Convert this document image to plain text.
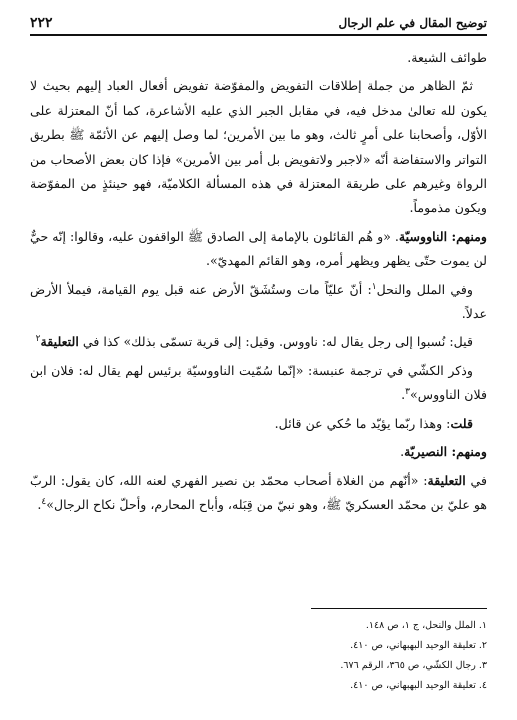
توضيح المقال في علم الرجال
٢٢٢

طوائف الشيعة.

ثمّ الظاهر من جملة إطلاقات التفويض والمفوّضة تفويض أفعال العباد إليهم بحيث لا يكون لله تعالىٰ مدخل فيه، في مقابل الجبر الذي عليه الأشاعرة، كما أنّ المعتزلة على الأوّل، وأصحابنا على أمرٍ ثالث، وهو ما بين الأمرين؛ لما وصل إليهم عن الأئمّة ﷺ بطريق التواتر والاستفاضة أنّه «لاجبر ولاتفويض بل أمر بين الأمرين» فإذا كان بعض الأصحاب من الرواة وغيرهم على طريقة المعتزلة في هذه المسألة الكلاميّة، فهو حينئذٍ من المفوّضة ويكون مذموماً.

ومنهم: الناووسيّة. «و هُم القائلون بالإمامة إلى الصادق ﷺ الواقفون عليه، وقالوا: إنّه حيٌّ لن يموت حتّى يظهر ويظهر أمره، وهو القائم المهديّ».

وفي الملل والنحل$^١$: أنّ عليّاً مات وستُشَقّ الأرض عنه قبل يوم القيامة، فيملأ الأرض عدلاً.

قيل: نُسبوا إلى رجل يقال له: ناووس. وقيل: إلى قرية تسمّى بذلك» كذا في التعليقة$^٢$

وذكر الكشّي في ترجمة عنبسة: «إنّما سُمّيت الناووسيّة برئيس لهم يقال له: فلان ابن فلان الناووس»$^٣$.

قلت: وهذا ربّما يؤيّد ما حُكي عن قائل.

ومنهم: النصيريّة.

في التعليقة: «أنّهم من الغلاة أصحاب محمّد بن نصير الفهري لعنه الله، كان يقول: الربّ هو عليّ بن محمّد العسكريّ ﷺ، وهو نبيّ من قِبَله، وأباح المحارم، وأحلّ نكاح الرجال»$^٤$.

١. الملل والنحل، ج ١، ص ١٤٨.
٢. تعليقة الوحيد البهبهاني، ص ٤١٠.
٣. رجال الكشّي، ص ٣٦٥، الرقم ٦٧٦.
٤. تعليقة الوحيد البهبهاني، ص ٤١٠.
